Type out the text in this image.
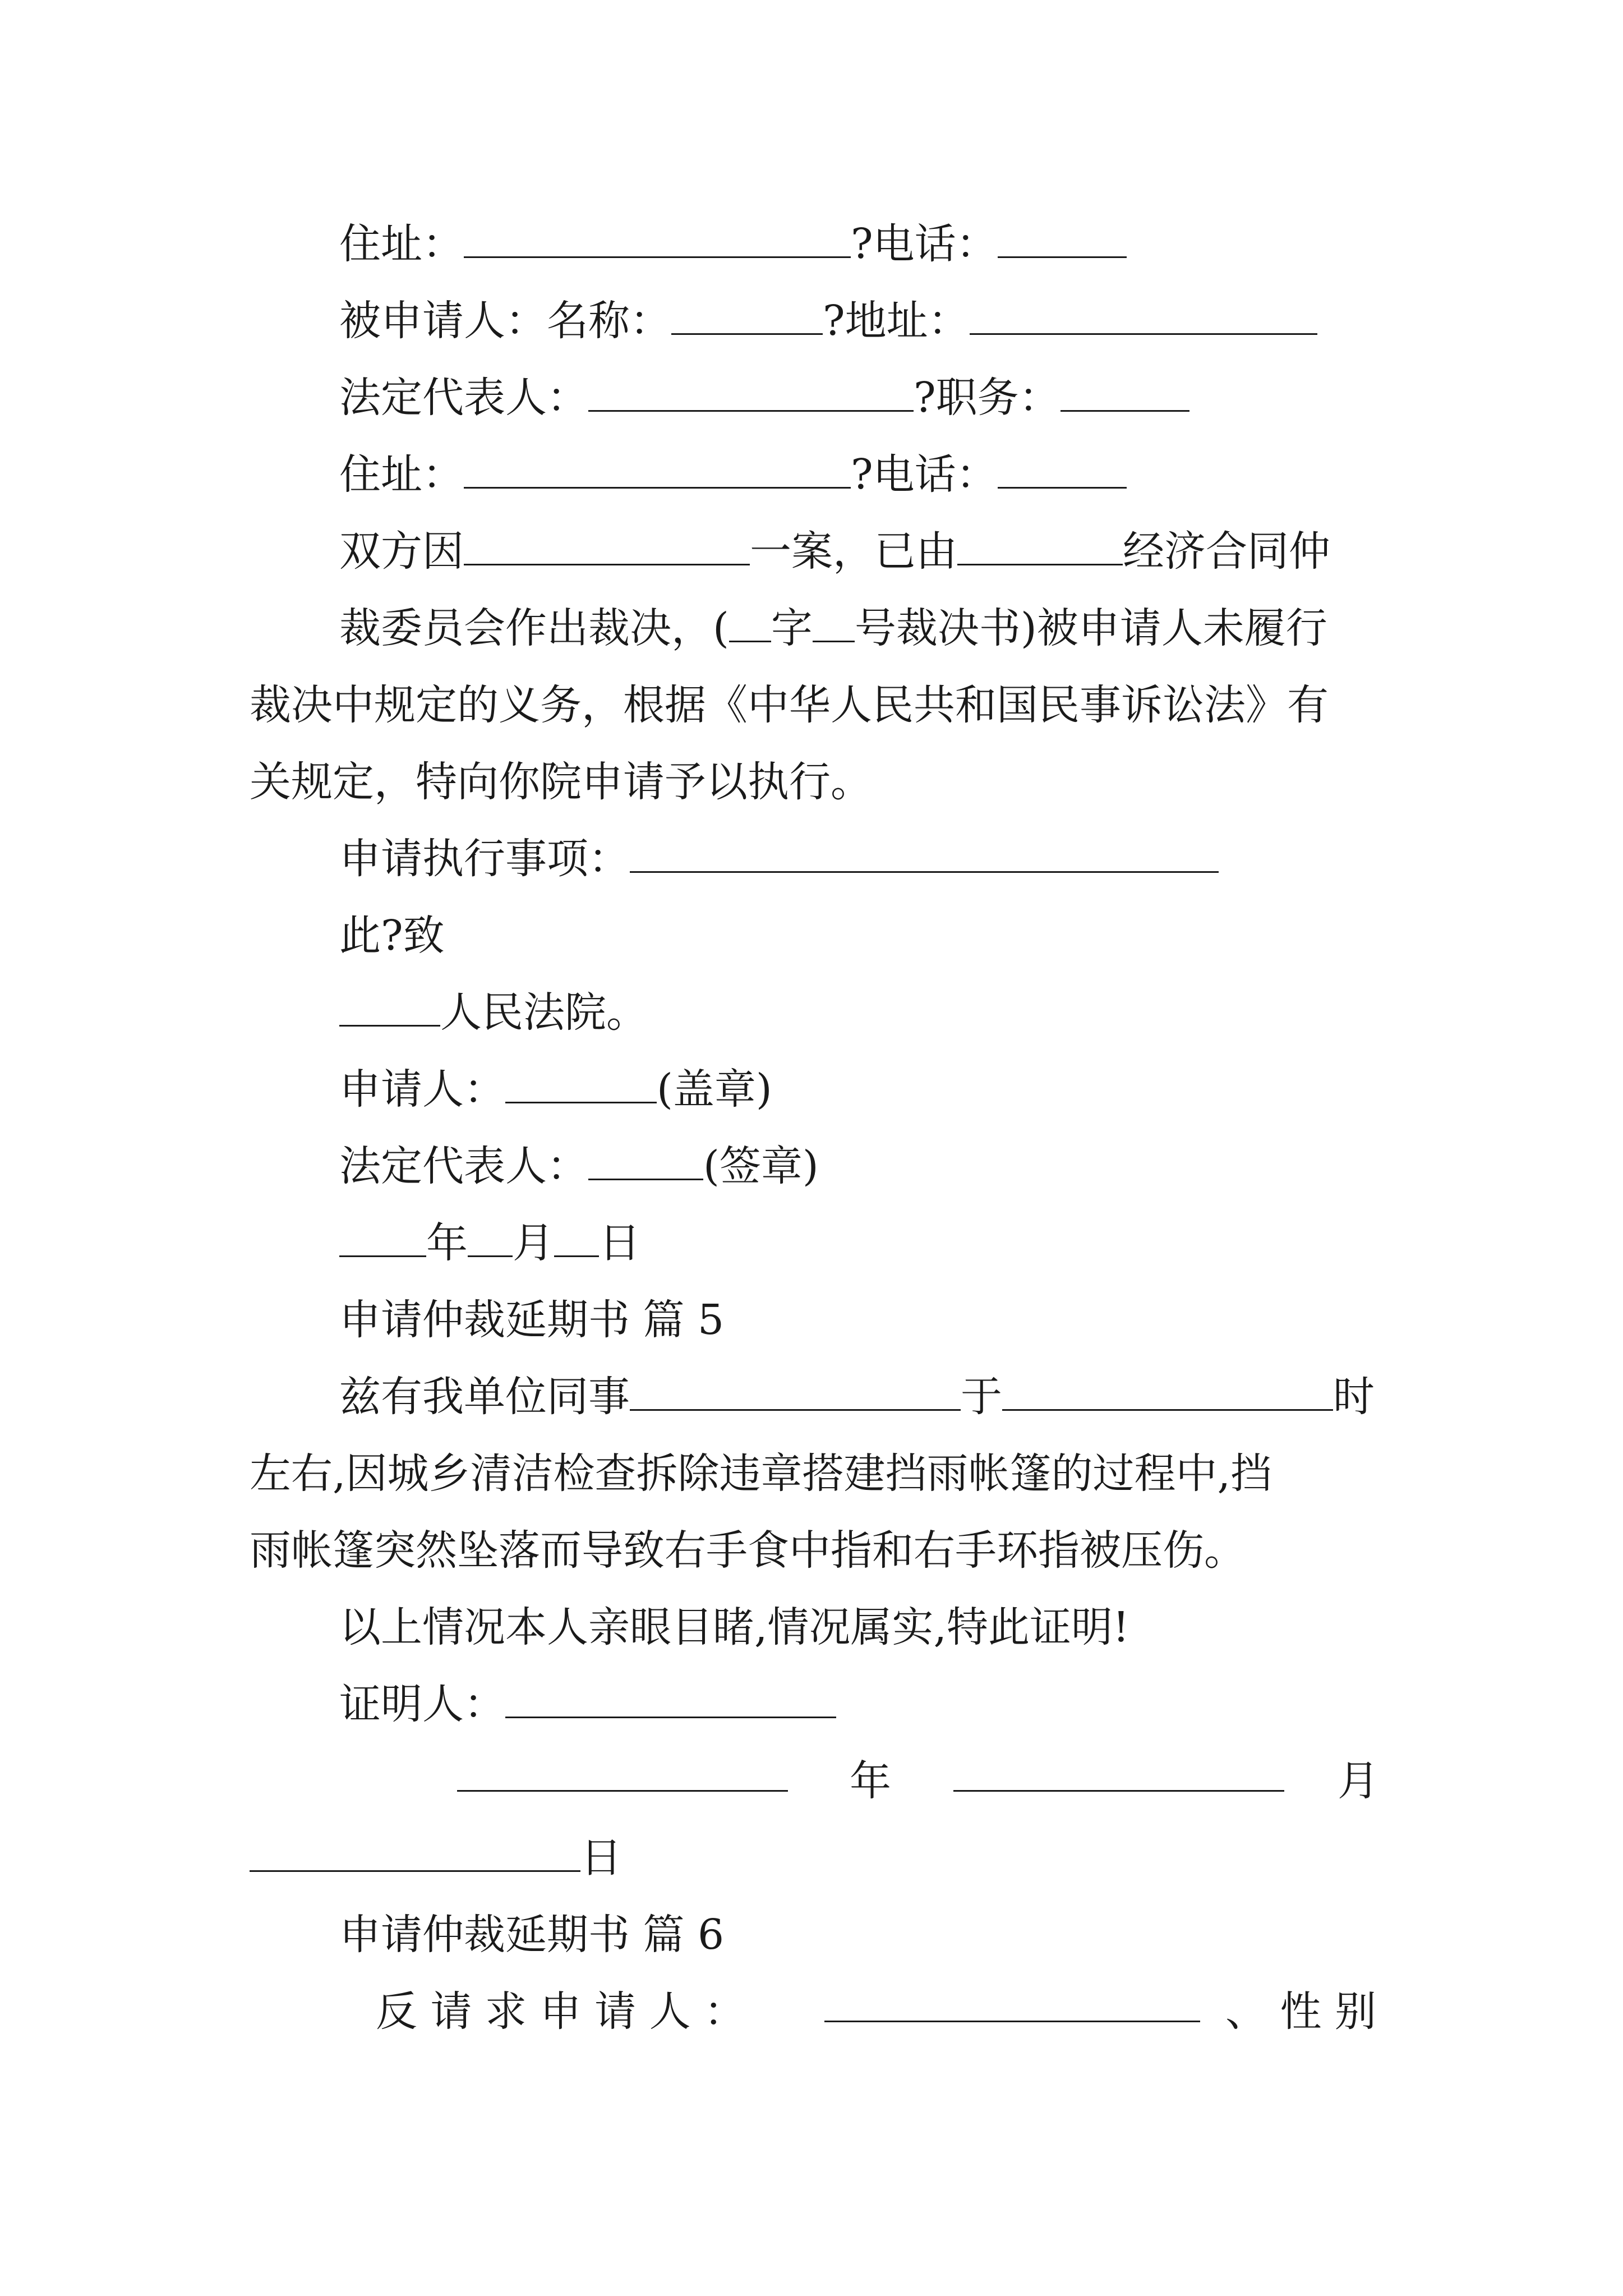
住址：	?电话：
被申请人：名称：	?地址：
法定代表人：	?职务：
住址：	?电话：
双方因	一案，已由	经济合同仲
裁委员会作出裁决，( 字 号裁决书)被申请人未履行
裁决中规定的义务，根据《中华人民共和国民事诉讼法》有
关规定，特向你院申请予以执行。
申请执行事项：
此?致
人民法院。
申请人：	(盖章)
法定代表人：	(签章)
年 月 日
申请仲裁延期书 篇 5
兹有我单位同事	于	时
左右,因城乡清洁检查拆除违章搭建挡雨帐篷的过程中,挡
雨帐篷突然坠落而导致右手食中指和右手环指被压伤。
以上情况本人亲眼目睹,情况属实,特此证明!
证明人：
年	月
日
申请仲裁延期书 篇 6
反 请 求 申 请 人 ：	、 性 别
